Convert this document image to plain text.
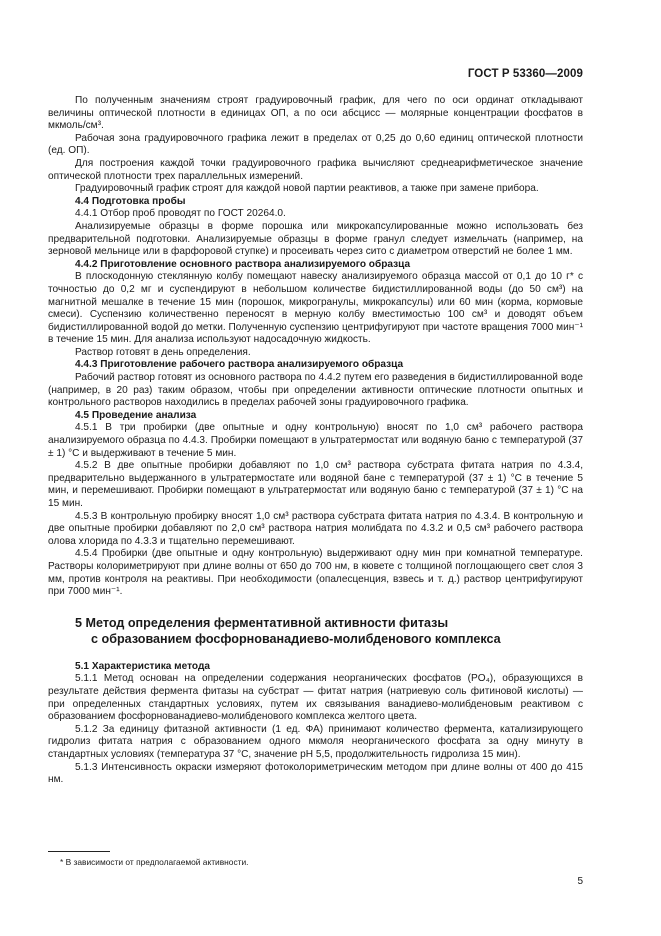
ГОСТ Р 53360—2009

По полученным значениям строят градуировочный график, для чего по оси ординат откладывают величины оптической плотности в единицах ОП, а по оси абсцисс — молярные концентрации фосфатов в мкмоль/см³.

Рабочая зона градуировочного графика лежит в пределах от 0,25 до 0,60 единиц оптической плотности (ед. ОП).

Для построения каждой точки градуировочного графика вычисляют среднеарифметическое значение оптической плотности трех параллельных измерений.

Градуировочный график строят для каждой новой партии реактивов, а также при замене прибора.

4.4 Подготовка пробы

4.4.1 Отбор проб проводят по ГОСТ 20264.0.

Анализируемые образцы в форме порошка или микрокапсулированные можно использовать без предварительной подготовки. Анализируемые образцы в форме гранул следует измельчать (например, на зерновой мельнице или в фарфоровой ступке) и просеивать через сито с диаметром отверстий не более 1 мм.

4.4.2 Приготовление основного раствора анализируемого образца

В плоскодонную стеклянную колбу помещают навеску анализируемого образца массой от 0,1 до 10 г* с точностью до 0,2 мг и суспендируют в небольшом количестве бидистиллированной воды (до 50 см³) на магнитной мешалке в течение 15 мин (порошок, микрогранулы, микрокапсулы) или 60 мин (корма, кормовые смеси). Суспензию количественно переносят в мерную колбу вместимостью 100 см³ и доводят объем бидистиллированной водой до метки. Полученную суспензию центрифугируют при частоте вращения 7000 мин⁻¹ в течение 15 мин. Для анализа используют надосадочную жидкость.

Раствор готовят в день определения.

4.4.3 Приготовление рабочего раствора анализируемого образца

Рабочий раствор готовят из основного раствора по 4.4.2 путем его разведения в бидистиллированной воде (например, в 20 раз) таким образом, чтобы при определении активности оптические плотности опытных и контрольного растворов находились в пределах рабочей зоны градуировочного графика.

4.5 Проведение анализа

4.5.1 В три пробирки (две опытные и одну контрольную) вносят по 1,0 см³ рабочего раствора анализируемого образца по 4.4.3. Пробирки помещают в ультратермостат или водяную баню с температурой (37 ± 1) °С и выдерживают в течение 5 мин.

4.5.2 В две опытные пробирки добавляют по 1,0 см³ раствора субстрата фитата натрия по 4.3.4, предварительно выдержанного в ультратермостате или водяной бане с температурой (37 ± 1) °С в течение 5 мин, и перемешивают. Пробирки помещают в ультратермостат или водяную баню с температурой (37 ± 1) °С на 15 мин.

4.5.3 В контрольную пробирку вносят 1,0 см³ раствора субстрата фитата натрия по 4.3.4. В контрольную и две опытные пробирки добавляют по 2,0 см³ раствора натрия молибдата по 4.3.2 и 0,5 см³ рабочего раствора олова хлорида по 4.3.3 и тщательно перемешивают.

4.5.4 Пробирки (две опытные и одну контрольную) выдерживают одну мин при комнатной температуре. Растворы колориметрируют при длине волны от 650 до 700 нм, в кювете с толщиной поглощающего свет слоя 3 мм, против контроля на реактивы. При необходимости (опалесценция, взвесь и т. д.) раствор центрифугируют при 7000 мин⁻¹.

5 Метод определения ферментативной активности фитазы
с образованием фосфорнованадиево-молибденового комплекса

5.1 Характеристика метода

5.1.1 Метод основан на определении содержания неорганических фосфатов (PO₄), образующихся в результате действия фермента фитазы на субстрат — фитат натрия (натриевую соль фитиновой кислоты) — при определенных стандартных условиях, путем их связывания ванадиево-молибденовым реактивом с образованием фосфорнованадиево-молибденового комплекса желтого цвета.

5.1.2 За единицу фитазной активности (1 ед. ФА) принимают количество фермента, катализирующего гидролиз фитата натрия с образованием одного мкмоля неорганического фосфата за одну минуту в стандартных условиях (температура 37 °С, значение рН 5,5, продолжительность гидролиза 15 мин).

5.1.3 Интенсивность окраски измеряют фотоколориметрическим методом при длине волны от 400 до 415 нм.

* В зависимости от предполагаемой активности.
5
